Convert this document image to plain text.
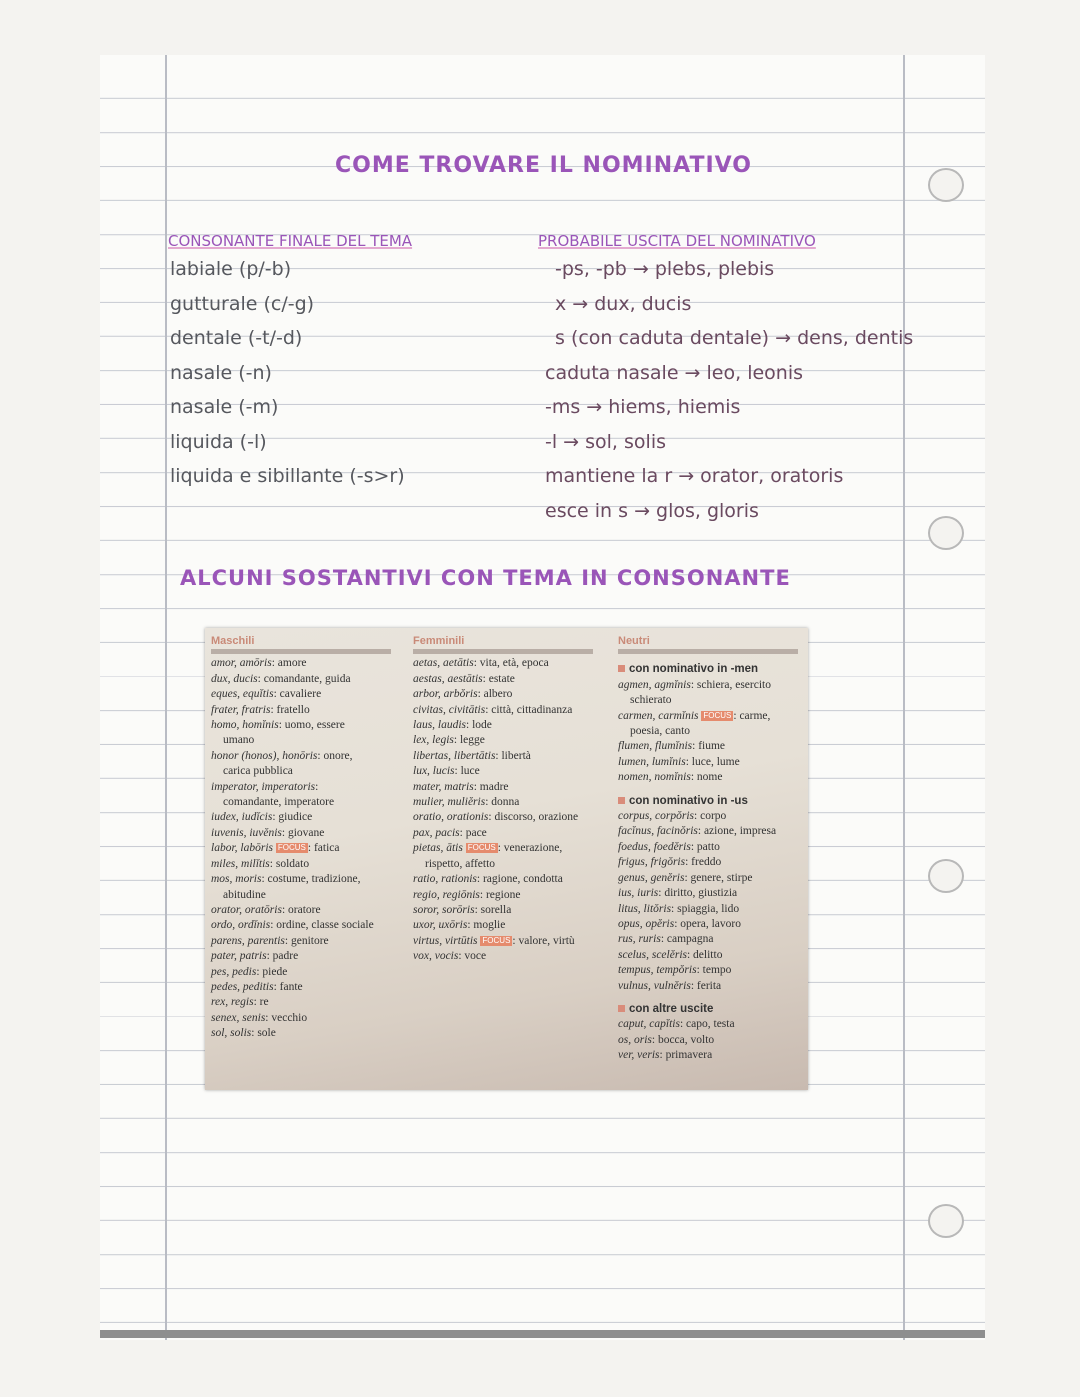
COME TROVARE IL NOMINATIVO
CONSONANTE FINALE DEL TEMA	PROBABILE USCITA DEL NOMINATIVO
labiale (p/-b)	-ps, -pb → plebs, plebis
gutturale (c/-g)	x → dux, ducis
dentale (-t/-d)	s (con caduta dentale) → dens, dentis
nasale (-n)	caduta nasale → leo, leonis
nasale (-m)	-ms → hiems, hiemis
liquida (-l)	-l → sol, solis
liquida e sibillante (-s>r)	mantiene la r → orator, oratoris
esce in s → glos, gloris
ALCUNI SOSTANTIVI CON TEMA IN CONSONANTE
Maschili
amor, amōris: amore
dux, ducis: comandante, guida
eques, equĭtis: cavaliere
frater, fratris: fratello
homo, homĭnis: uomo, essere
umano
honor (honos), honōris: onore,
carica pubblica
imperator, imperatoris:
comandante, imperatore
iudex, iudĭcis: giudice
iuvenis, iuvĕnis: giovane
labor, labōris FOCUS : fatica
miles, milĭtis: soldato
mos, moris: costume, tradizione,
abitudine
orator, oratōris: oratore
ordo, ordĭnis: ordine, classe sociale
parens, parentis: genitore
pater, patris: padre
pes, pedis: piede
pedes, peditis: fante
rex, regis: re
senex, senis: vecchio
sol, solis: sole
Femminili
aetas, aetātis: vita, età, epoca
aestas, aestātis: estate
arbor, arbŏris: albero
civitas, civitātis: città, cittadinanza
laus, laudis: lode
lex, legis: legge
libertas, libertātis: libertà
lux, lucis: luce
mater, matris: madre
mulier, muliĕris: donna
oratio, orationis: discorso, orazione
pax, pacis: pace
pietas, ātis FOCUS : venerazione,
rispetto, affetto
ratio, rationis: ragione, condotta
regio, regiōnis: regione
soror, sorōris: sorella
uxor, uxōris: moglie
virtus, virtūtis FOCUS : valore, virtù
vox, vocis: voce
Neutri
con nominativo in -men
agmen, agmĭnis: schiera, esercito
schierato
carmen, carmĭnis FOCUS : carme,
poesia, canto
flumen, flumĭnis: fiume
lumen, lumĭnis: luce, lume
nomen, nomĭnis: nome
con nominativo in -us
corpus, corpŏris: corpo
facĭnus, facinŏris: azione, impresa
foedus, foedĕris: patto
frigus, frigŏris: freddo
genus, genĕris: genere, stirpe
ius, iuris: diritto, giustizia
litus, litŏris: spiaggia, lido
opus, opĕris: opera, lavoro
rus, ruris: campagna
scelus, scelĕris: delitto
tempus, tempŏris: tempo
vulnus, vulnĕris: ferita
con altre uscite
caput, capĭtis: capo, testa
os, oris: bocca, volto
ver, veris: primavera
